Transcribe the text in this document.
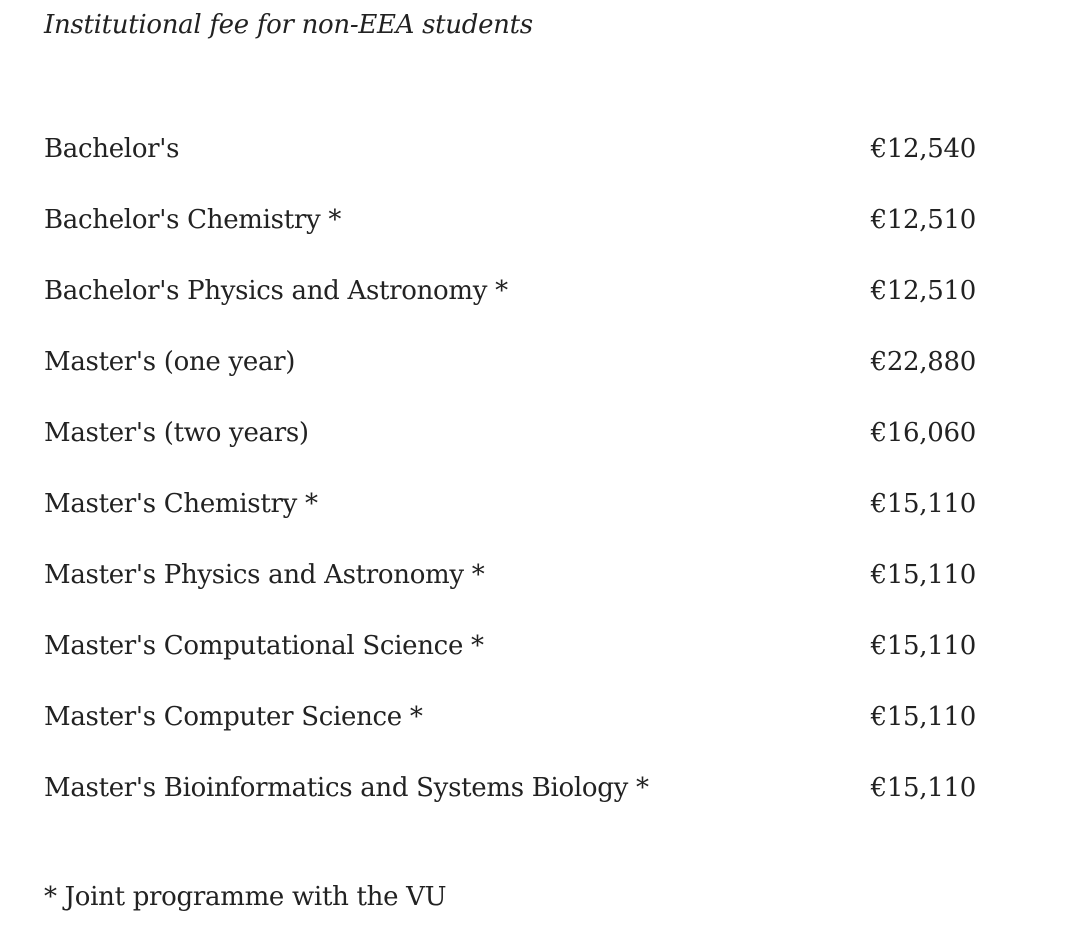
Institutional fee for non-EEA students
Bachelor's	€12,540
Bachelor's Chemistry *	€12,510
Bachelor's Physics and Astronomy *	€12,510
Master's (one year)	€22,880
Master's (two years)	€16,060
Master's Chemistry *	€15,110
Master's Physics and Astronomy *	€15,110
Master's Computational Science *	€15,110
Master's Computer Science *	€15,110
Master's Bioinformatics and Systems Biology *	€15,110
* Joint programme with the VU
